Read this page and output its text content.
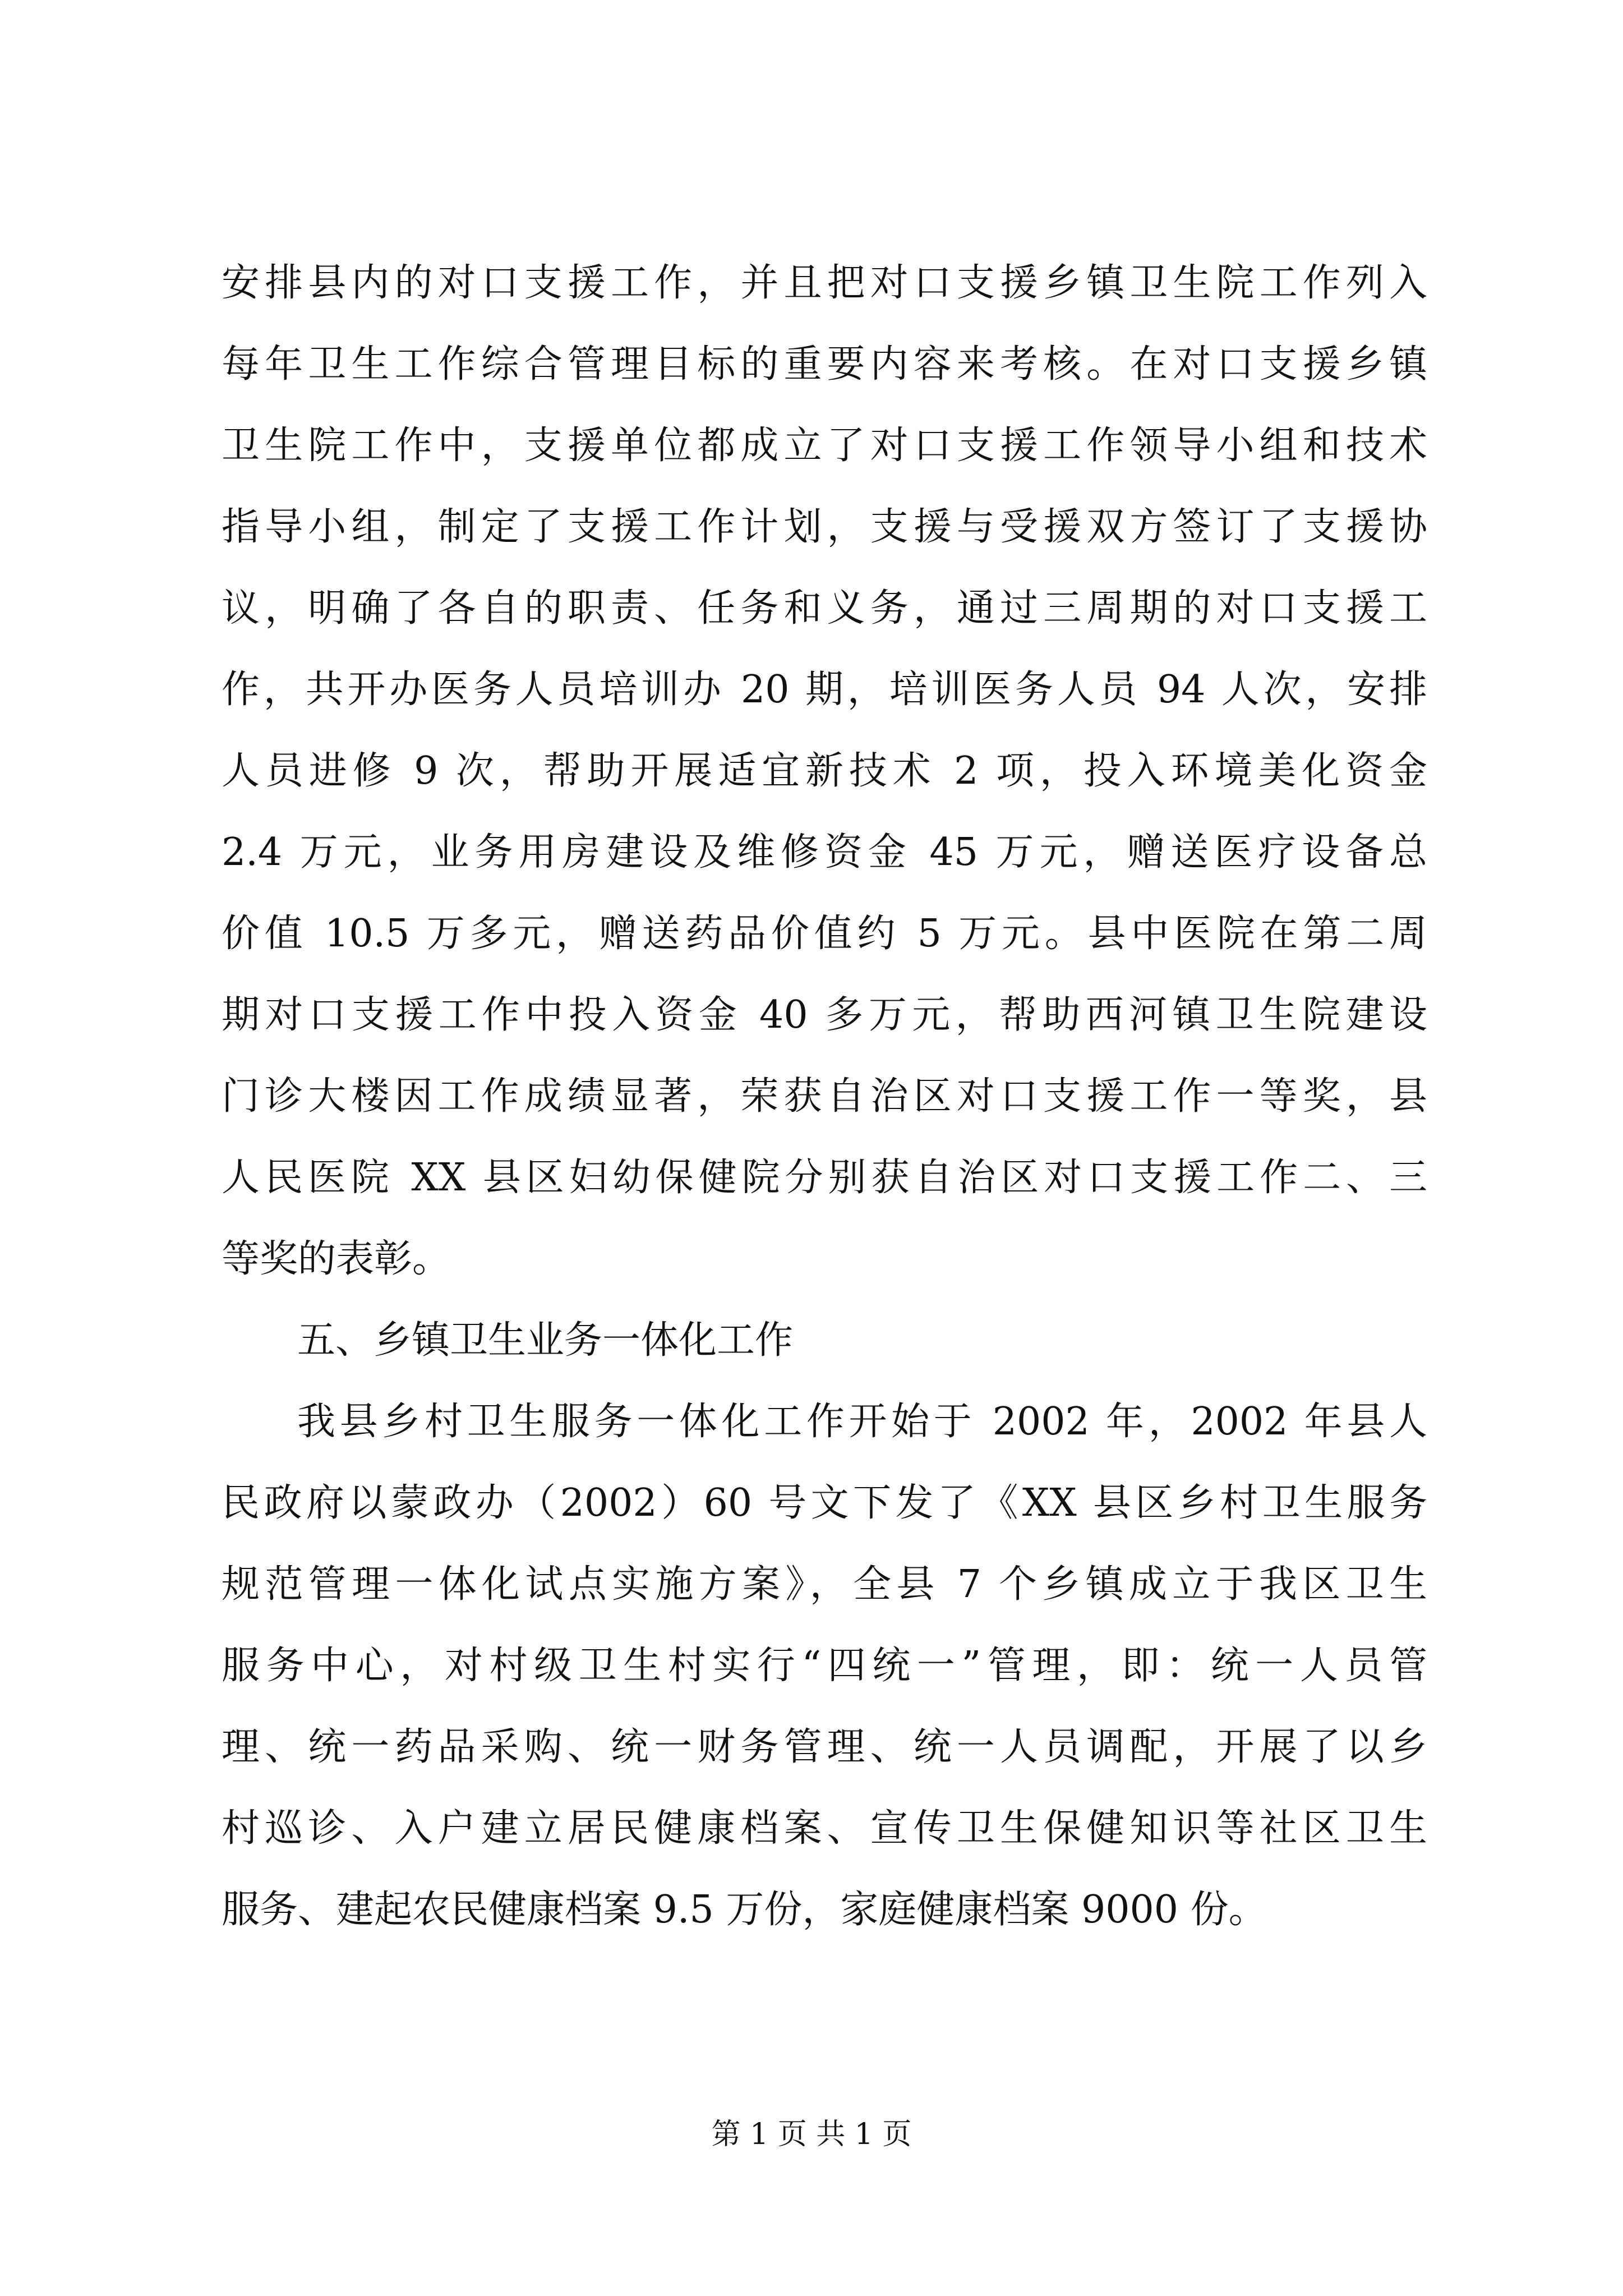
安排县内的对口支援工作，并且把对口支援乡镇卫生院工作列入
每年卫生工作综合管理目标的重要内容来考核。在对口支援乡镇
卫生院工作中，支援单位都成立了对口支援工作领导小组和技术
指导小组，制定了支援工作计划，支援与受援双方签订了支援协
议，明确了各自的职责、任务和义务，通过三周期的对口支援工
作，共开办医务人员培训办 20 期，培训医务人员 94 人次，安排
人员进修 9 次，帮助开展适宜新技术 2 项，投入环境美化资金
2.4 万元，业务用房建设及维修资金 45 万元，赠送医疗设备总
价值 10.5 万多元，赠送药品价值约 5 万元。县中医院在第二周
期对口支援工作中投入资金 40 多万元，帮助西河镇卫生院建设
门诊大楼因工作成绩显著，荣获自治区对口支援工作一等奖，县
人民医院 XX 县区妇幼保健院分别获自治区对口支援工作二、三
等奖的表彰。
五、乡镇卫生业务一体化工作
我县乡村卫生服务一体化工作开始于 2002 年，2002 年县人
民政府以蒙政办（2002）60 号文下发了《XX 县区乡村卫生服务
规范管理一体化试点实施方案》，全县 7 个乡镇成立于我区卫生
服务中心，对村级卫生村实行“四统一”管理，即：统一人员管
理、统一药品采购、统一财务管理、统一人员调配，开展了以乡
村巡诊、入户建立居民健康档案、宣传卫生保健知识等社区卫生
服务、建起农民健康档案 9.5 万份，家庭健康档案 9000 份。
第 1 页 共 1 页
